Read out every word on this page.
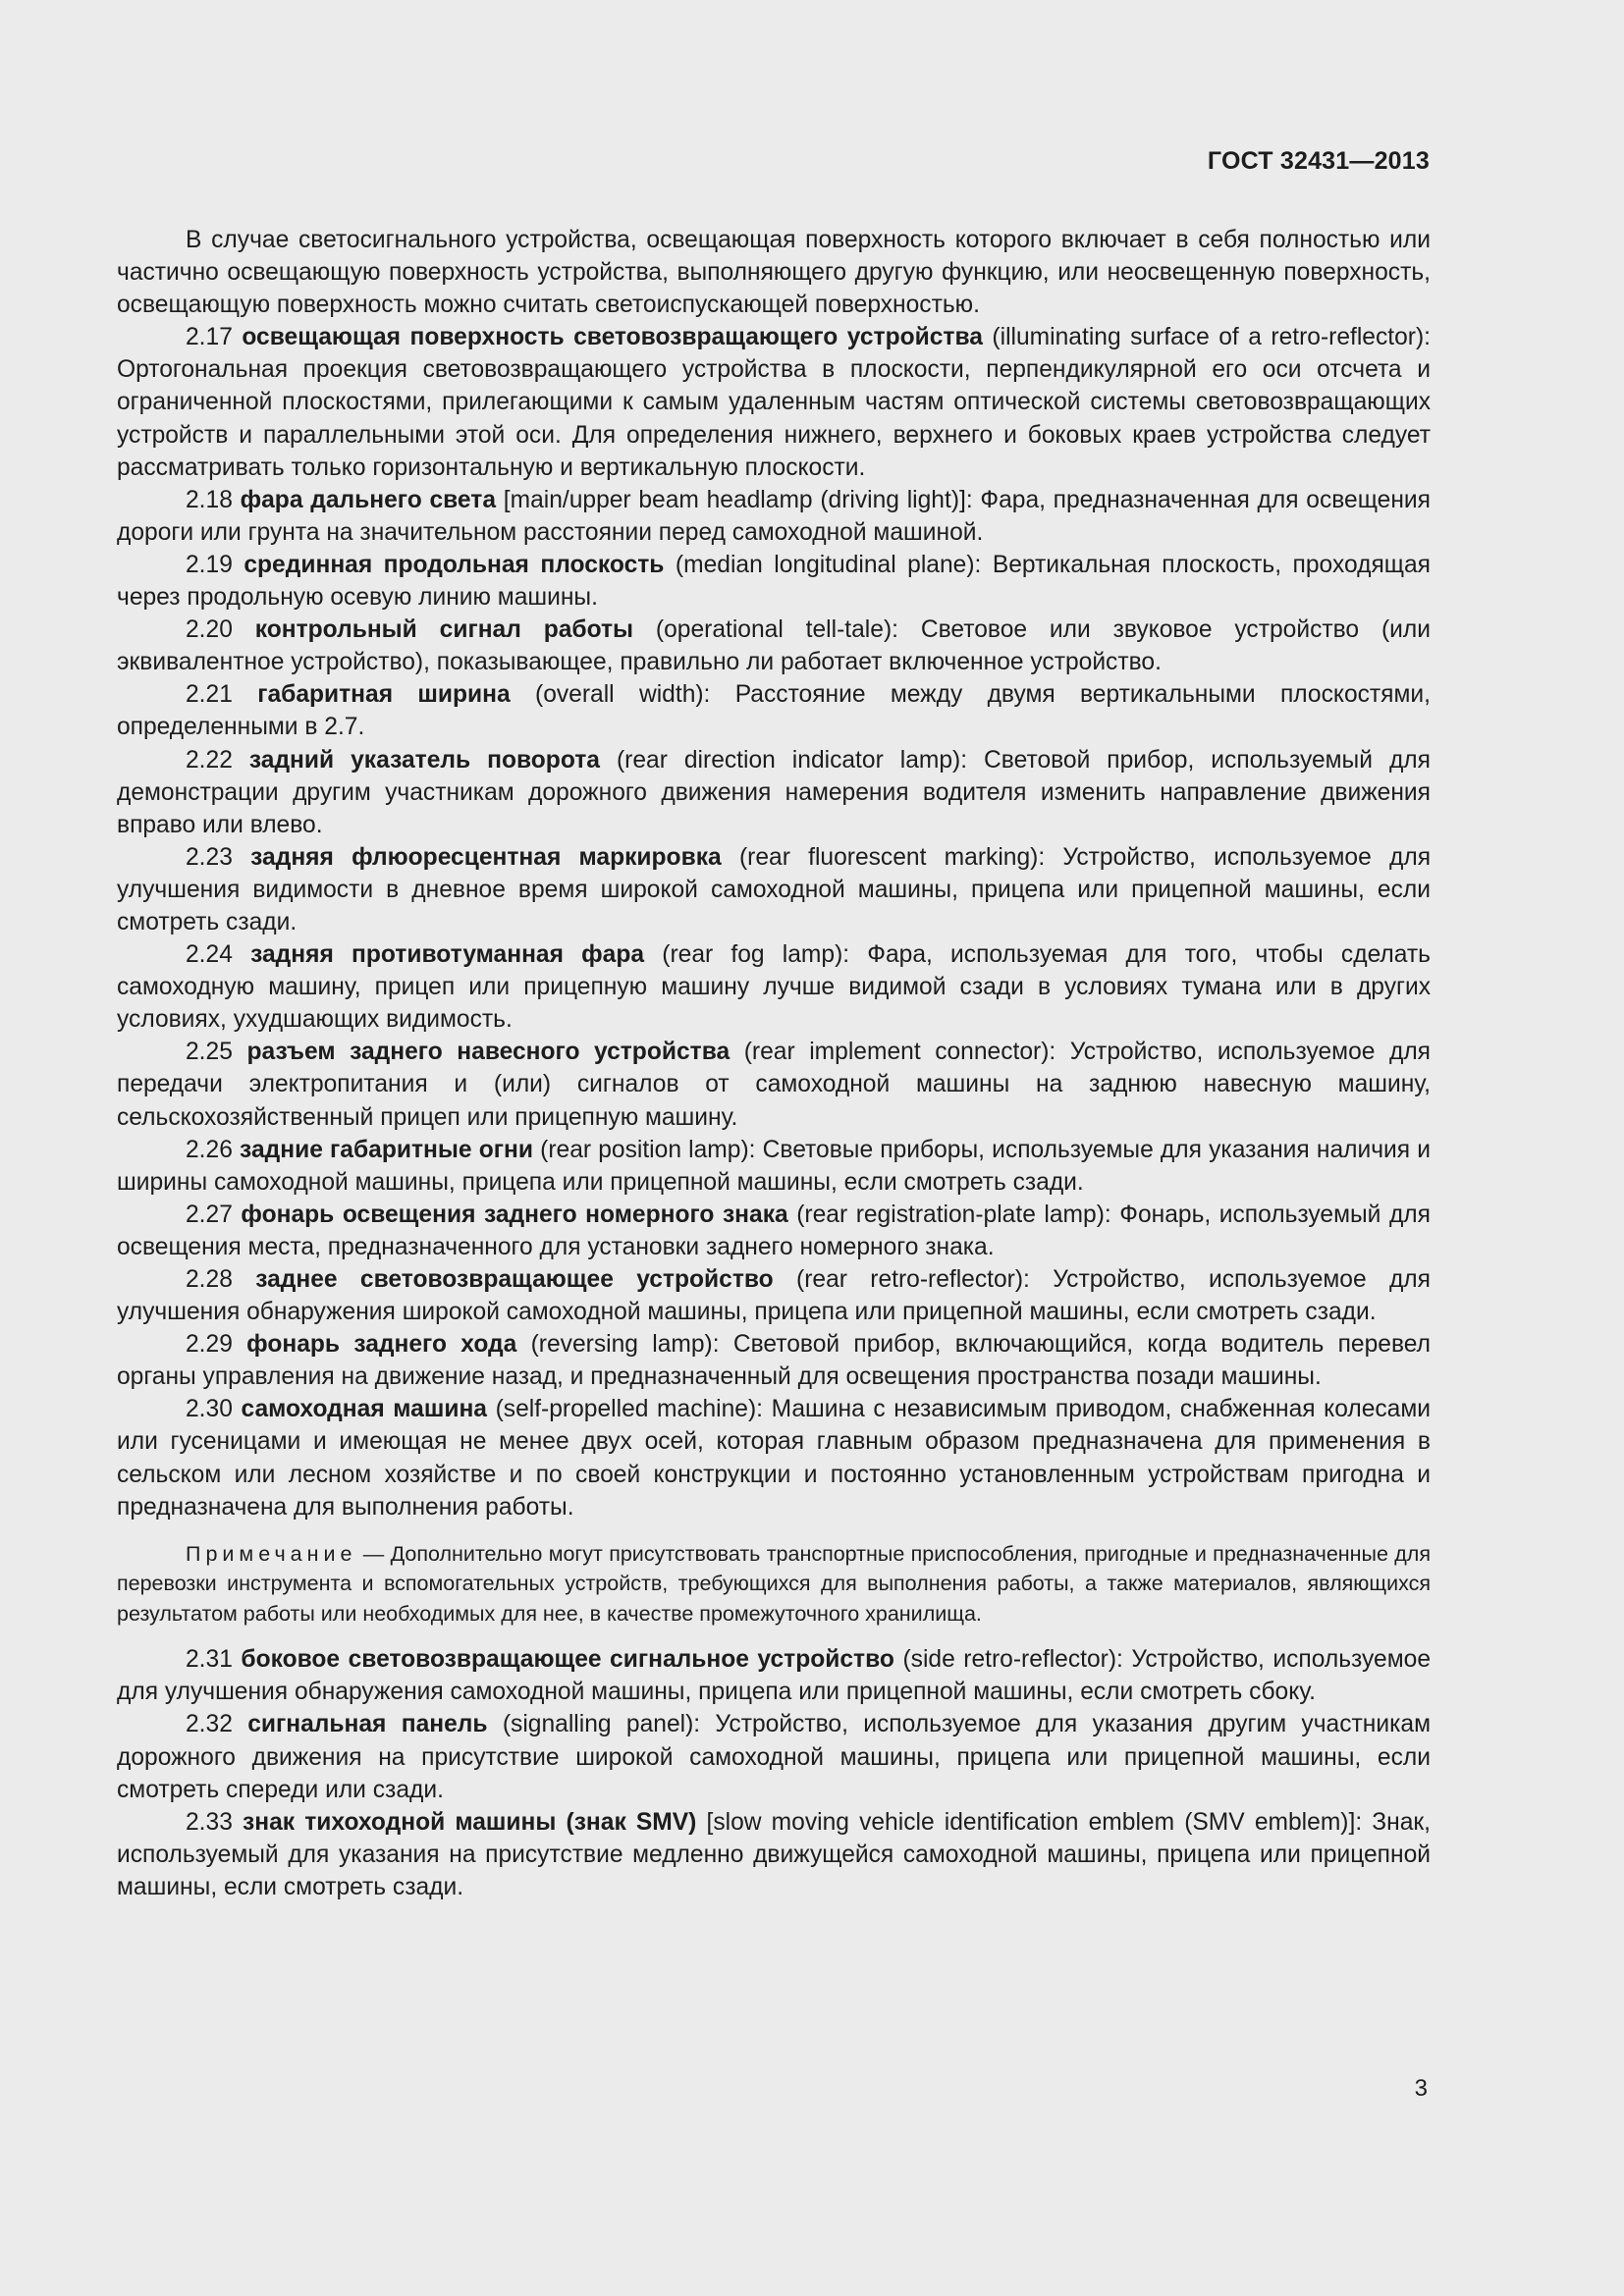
ГОСТ 32431—2013

В случае светосигнального устройства, освещающая поверхность которого включает в себя полностью или частично освещающую поверхность устройства, выполняющего другую функцию, или неосвещенную поверхность, освещающую поверхность можно считать светоиспускающей поверхностью.

2.17 освещающая поверхность световозвращающего устройства (illuminating surface of a retro-reflector): Ортогональная проекция световозвращающего устройства в плоскости, перпендикулярной его оси отсчета и ограниченной плоскостями, прилегающими к самым удаленным частям оптической системы световозвращающих устройств и параллельными этой оси. Для определения нижнего, верхнего и боковых краев устройства следует рассматривать только горизонтальную и вертикальную плоскости.

2.18 фара дальнего света [main/upper beam headlamp (driving light)]: Фара, предназначенная для освещения дороги или грунта на значительном расстоянии перед самоходной машиной.

2.19 срединная продольная плоскость (median longitudinal plane): Вертикальная плоскость, проходящая через продольную осевую линию машины.

2.20 контрольный сигнал работы (operational tell-tale): Световое или звуковое устройство (или эквивалентное устройство), показывающее, правильно ли работает включенное устройство.

2.21 габаритная ширина (overall width): Расстояние между двумя вертикальными плоскостями, определенными в 2.7.

2.22 задний указатель поворота (rear direction indicator lamp): Световой прибор, используемый для демонстрации другим участникам дорожного движения намерения водителя изменить направление движения вправо или влево.

2.23 задняя флюоресцентная маркировка (rear fluorescent marking): Устройство, используемое для улучшения видимости в дневное время широкой самоходной машины, прицепа или прицепной машины, если смотреть сзади.

2.24 задняя противотуманная фара (rear fog lamp): Фара, используемая для того, чтобы сделать самоходную машину, прицеп или прицепную машину лучше видимой сзади в условиях тумана или в других условиях, ухудшающих видимость.

2.25 разъем заднего навесного устройства (rear implement connector): Устройство, используемое для передачи электропитания и (или) сигналов от самоходной машины на заднюю навесную машину, сельскохозяйственный прицеп или прицепную машину.

2.26 задние габаритные огни (rear position lamp): Световые приборы, используемые для указания наличия и ширины самоходной машины, прицепа или прицепной машины, если смотреть сзади.

2.27 фонарь освещения заднего номерного знака (rear registration-plate lamp): Фонарь, используемый для освещения места, предназначенного для установки заднего номерного знака.

2.28 заднее световозвращающее устройство (rear retro-reflector): Устройство, используемое для улучшения обнаружения широкой самоходной машины, прицепа или прицепной машины, если смотреть сзади.

2.29 фонарь заднего хода (reversing lamp): Световой прибор, включающийся, когда водитель перевел органы управления на движение назад, и предназначенный для освещения пространства позади машины.

2.30 самоходная машина (self-propelled machine): Машина с независимым приводом, снабженная колесами или гусеницами и имеющая не менее двух осей, которая главным образом предназначена для применения в сельском или лесном хозяйстве и по своей конструкции и постоянно установленным устройствам пригодна и предназначена для выполнения работы.

Примечание — Дополнительно могут присутствовать транспортные приспособления, пригодные и предназначенные для перевозки инструмента и вспомогательных устройств, требующихся для выполнения работы, а также материалов, являющихся результатом работы или необходимых для нее, в качестве промежуточного хранилища.

2.31 боковое световозвращающее сигнальное устройство (side retro-reflector): Устройство, используемое для улучшения обнаружения самоходной машины, прицепа или прицепной машины, если смотреть сбоку.

2.32 сигнальная панель (signalling panel): Устройство, используемое для указания другим участникам дорожного движения на присутствие широкой самоходной машины, прицепа или прицепной машины, если смотреть спереди или сзади.

2.33 знак тихоходной машины (знак SMV) [slow moving vehicle identification emblem (SMV emblem)]: Знак, используемый для указания на присутствие медленно движущейся самоходной машины, прицепа или прицепной машины, если смотреть сзади.

3
